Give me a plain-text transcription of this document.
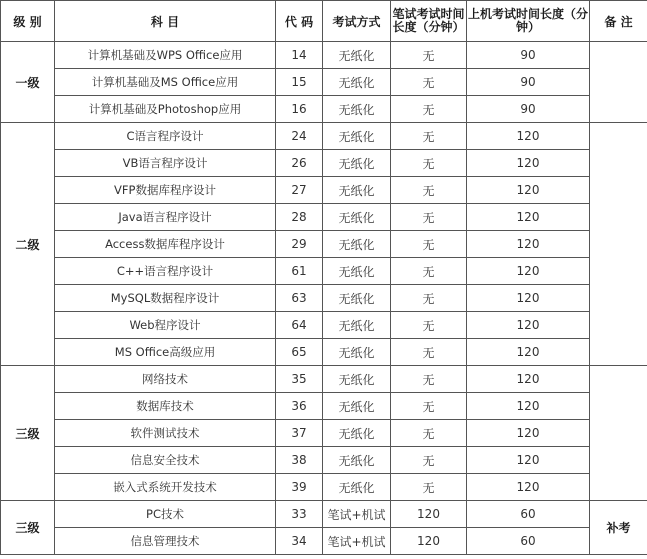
级 别	科 目	代 码	考试方式	笔试考试时间长度（分钟）	上机考试时间长度（分钟）	备 注
一级	计算机基础及WPS Office应用	14	无纸化	无	90	
	计算机基础及MS Office应用	15	无纸化	无	90	
	计算机基础及Photoshop应用	16	无纸化	无	90	
二级	C语言程序设计	24	无纸化	无	120	
	VB语言程序设计	26	无纸化	无	120	
	VFP数据库程序设计	27	无纸化	无	120	
	Java语言程序设计	28	无纸化	无	120	
	Access数据库程序设计	29	无纸化	无	120	
	C++语言程序设计	61	无纸化	无	120	
	MySQL数据程序设计	63	无纸化	无	120	
	Web程序设计	64	无纸化	无	120	
	MS Office高级应用	65	无纸化	无	120	
三级	网络技术	35	无纸化	无	120	
	数据库技术	36	无纸化	无	120	
	软件测试技术	37	无纸化	无	120	
	信息安全技术	38	无纸化	无	120	
	嵌入式系统开发技术	39	无纸化	无	120	
三级	PC技术	33	笔试+机试	120	60	补考
	信息管理技术	34	笔试+机试	120	60	
